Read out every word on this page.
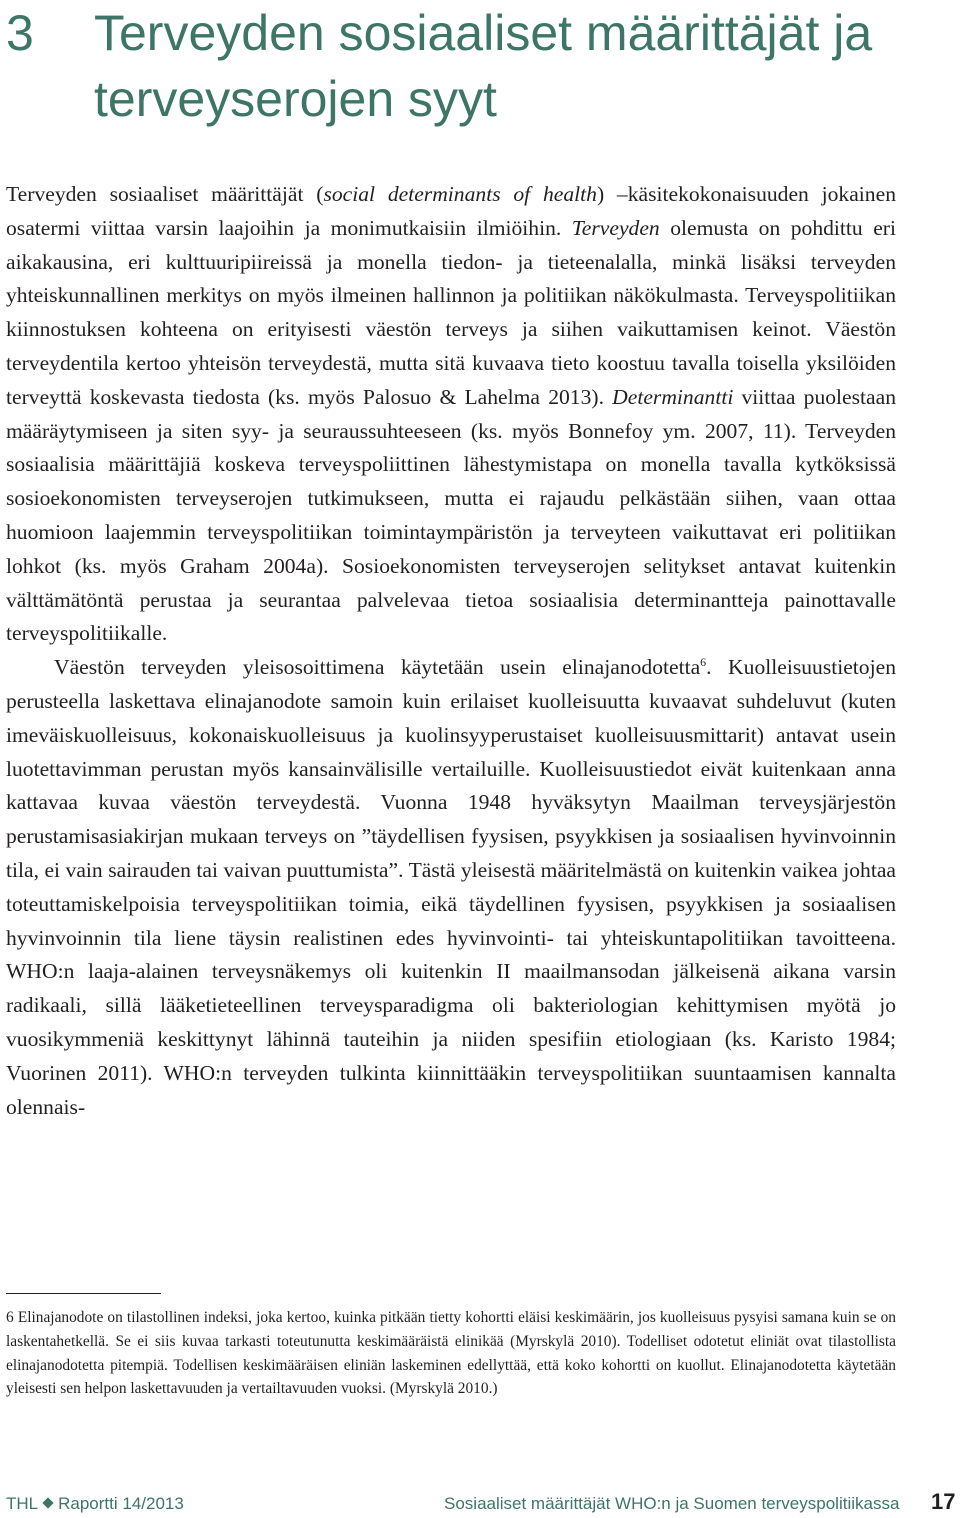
3 Terveyden sosiaaliset määrittäjät ja terveyserojen syyt

Terveyden sosiaaliset määrittäjät (social determinants of health) –käsitekokonaisuuden jokainen osatermi viittaa varsin laajoihin ja monimutkaisiin ilmiöihin. Terveyden olemusta on pohdittu eri aikakausina, eri kulttuuripiireissä ja monella tiedon- ja tieteenalalla, minkä lisäksi terveyden yhteiskunnallinen merkitys on myös ilmeinen hallinnon ja politiikan näkökulmasta. Terveyspolitiikan kiinnostuksen kohteena on erityisesti väestön terveys ja siihen vaikuttamisen keinot. Väestön terveydentila kertoo yhteisön terveydestä, mutta sitä kuvaava tieto koostuu tavalla toisella yksilöiden terveyttä koskevasta tiedosta (ks. myös Palosuo & Lahelma 2013). Determinantti viittaa puolestaan määräytymiseen ja siten syy- ja seuraussuhteeseen (ks. myös Bonnefoy ym. 2007, 11). Terveyden sosiaalisia määrittäjiä koskeva terveyspoliittinen lähestymistapa on monella tavalla kytköksissä sosioekonomisten terveyserojen tutkimukseen, mutta ei rajaudu pelkästään siihen, vaan ottaa huomioon laajemmin terveyspolitiikan toimintaympäristön ja terveyteen vaikuttavat eri politiikan lohkot (ks. myös Graham 2004a). Sosioekonomisten terveyserojen selitykset antavat kuitenkin välttämätöntä perustaa ja seurantaa palvelevaa tietoa sosiaalisia determinantteja painottavalle terveyspolitiikalle.

Väestön terveyden yleisosoittimena käytetään usein elinajanodotetta$^6$. Kuolleisuustietojen perusteella laskettava elinajanodote samoin kuin erilaiset kuolleisuutta kuvaavat suhdeluvut (kuten imeväiskuolleisuus, kokonaiskuolleisuus ja kuolinsyyperustaiset kuolleisuusmittarit) antavat usein luotettavimman perustan myös kansainvälisille vertailuille. Kuolleisuustiedot eivät kuitenkaan anna kattavaa kuvaa väestön terveydestä. Vuonna 1948 hyväksytyn Maailman terveysjärjestön perustamisasiakirjan mukaan terveys on ”täydellisen fyysisen, psyykkisen ja sosiaalisen hyvinvoinnin tila, ei vain sairauden tai vaivan puuttumista”. Tästä yleisestä määritelmästä on kuitenkin vaikea johtaa toteuttamiskelpoisia terveyspolitiikan toimia, eikä täydellinen fyysisen, psyykkisen ja sosiaalisen hyvinvoinnin tila liene täysin realistinen edes hyvinvointi- tai yhteiskuntapolitiikan tavoitteena. WHO:n laaja-alainen terveysnäkemys oli kuitenkin II maailmansodan jälkeisenä aikana varsin radikaali, sillä lääketieteellinen terveysparadigma oli bakteriologian kehittymisen myötä jo vuosikymmeniä keskittynyt lähinnä tauteihin ja niiden spesifiin etiologiaan (ks. Karisto 1984; Vuorinen 2011). WHO:n terveyden tulkinta kiinnittääkin terveyspolitiikan suuntaamisen kannalta olennais-

6 Elinajanodote on tilastollinen indeksi, joka kertoo, kuinka pitkään tietty kohortti eläisi keskimäärin, jos kuolleisuus pysyisi samana kuin se on laskentahetkellä. Se ei siis kuvaa tarkasti toteutunutta keskimääräistä elinikää (Myrskylä 2010). Todelliset odotetut eliniät ovat tilastollista elinajanodotetta pitempiä. Todellisen keskimääräisen eliniän laskeminen edellyttää, että koko kohortti on kuollut. Elinajanodotetta käytetään yleisesti sen helpon laskettavuuden ja vertailtavuuden vuoksi. (Myrskylä 2010.)
THL Raportti 14/2013	Sosiaaliset määrittäjät WHO:n ja Suomen terveyspolitiikassa 17
